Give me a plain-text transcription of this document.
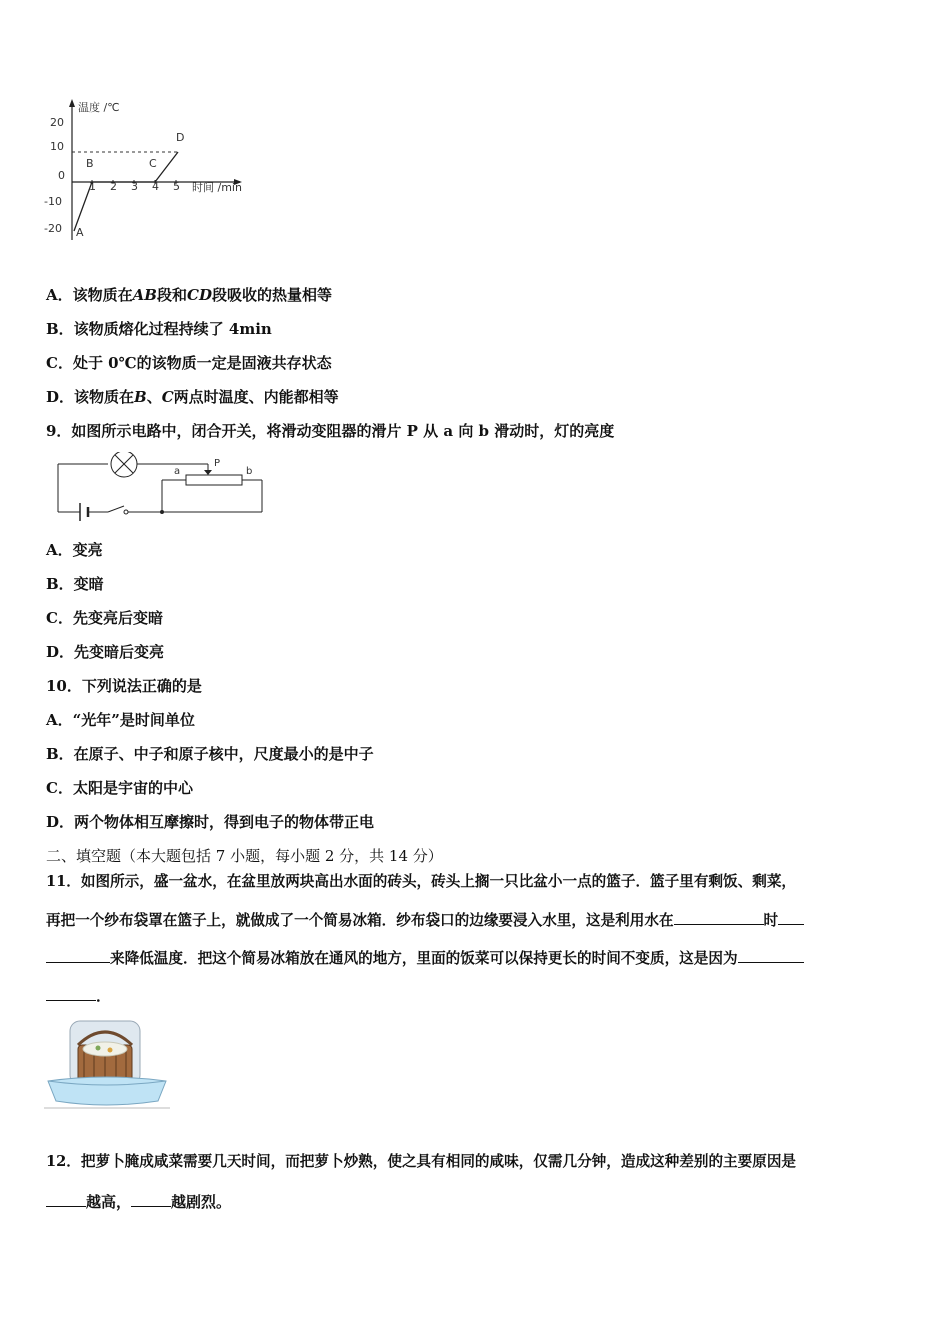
温度 /℃
时间 /min
20
10
0
-10
-20
1 2 3 4 5
A
B	C
D
A．该物质在AB段和CD段吸收的热量相等
B．该物质熔化过程持续了 4min
C．处于 0℃的该物质一定是固液共存状态
D．该物质在B、C两点时温度、内能都相等
9．如图所示电路中，闭合开关，将滑动变阻器的滑片 P 从 a 向 b 滑动时，灯的亮度
a
P
b
A．变亮
B．变暗
C．先变亮后变暗
D．先变暗后变亮
10．下列说法正确的是
A．“光年”是时间单位
B．在原子、中子和原子核中，尺度最小的是中子
C．太阳是宇宙的中心
D．两个物体相互摩擦时，得到电子的物体带正电
二、填空题（本大题包括 7 小题，每小题 2 分，共 14 分）
11．如图所示，盛一盆水，在盆里放两块高出水面的砖头，砖头上搁一只比盆小一点的篮子．篮子里有剩饭、剩菜，
再把一个纱布袋罩在篮子上，就做成了一个简易冰箱．纱布袋口的边缘要浸入水里，这是利用水在	时
来降低温度．把这个简易冰箱放在通风的地方，里面的饭菜可以保持更长的时间不变质，这是因为
．
12．把萝卜腌成咸菜需要几天时间，而把萝卜炒熟，使之具有相同的咸味，仅需几分钟，造成这种差别的主要原因是
越高，	越剧烈。
